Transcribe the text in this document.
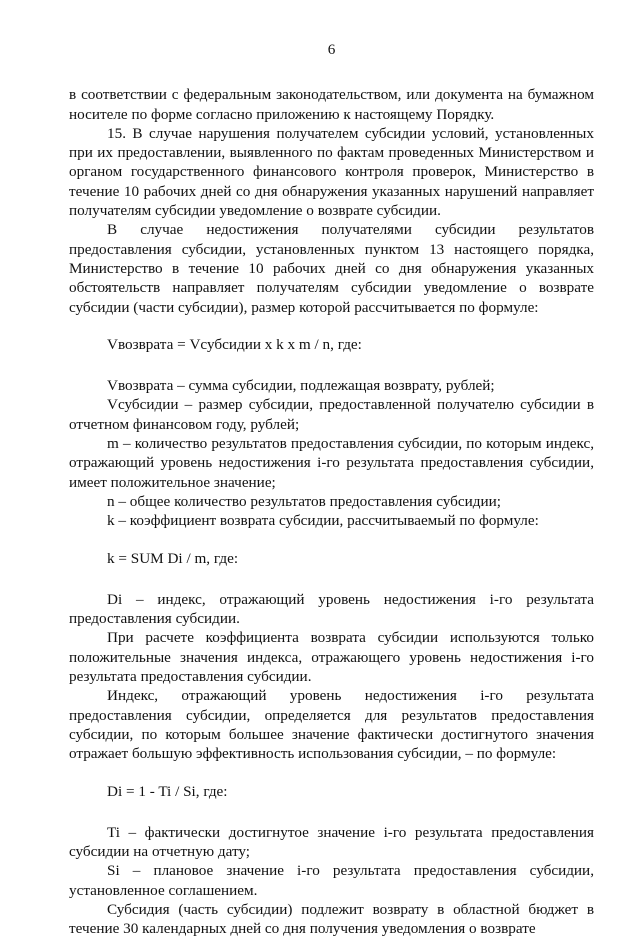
6

в соответствии с федеральным законодательством, или документа на бумажном носителе по форме согласно приложению к настоящему Порядку.

15. В случае нарушения получателем субсидии условий, установленных при их предоставлении, выявленного по фактам проведенных Министерством и органом государственного финансового контроля проверок, Министерство в течение 10 рабочих дней со дня обнаружения указанных нарушений направляет получателям субсидии уведомление о возврате субсидии.

В случае недостижения получателями субсидии результатов предоставления субсидии, установленных пунктом 13 настоящего порядка, Министерство в течение 10 рабочих дней со дня обнаружения указанных обстоятельств направляет получателям субсидии уведомление о возврате субсидии (части субсидии), размер которой рассчитывается по формуле:

Vвозврата = Vсубсидии x k x m / n, где:

Vвозврата – сумма субсидии, подлежащая возврату, рублей;

Vсубсидии – размер субсидии, предоставленной получателю субсидии в отчетном финансовом году, рублей;

m – количество результатов предоставления субсидии, по которым индекс, отражающий уровень недостижения i-го результата предоставления субсидии, имеет положительное значение;

n – общее количество результатов предоставления субсидии;

k – коэффициент возврата субсидии, рассчитываемый по формуле:

k = SUM Di / m, где:

Di – индекс, отражающий уровень недостижения i-го результата предоставления субсидии.

При расчете коэффициента возврата субсидии используются только положительные значения индекса, отражающего уровень недостижения i-го результата предоставления субсидии.

Индекс, отражающий уровень недостижения i-го результата предоставления субсидии, определяется для результатов предоставления субсидии, по которым большее значение фактически достигнутого значения отражает большую эффективность использования субсидии, – по формуле:

Di = 1 - Ti / Si, где:

Ti – фактически достигнутое значение i-го результата предоставления субсидии на отчетную дату;

Si – плановое значение i-го результата предоставления субсидии, установленное соглашением.

Субсидия (часть субсидии) подлежит возврату в областной бюджет в течение 30 календарных дней со дня получения уведомления о возврате
